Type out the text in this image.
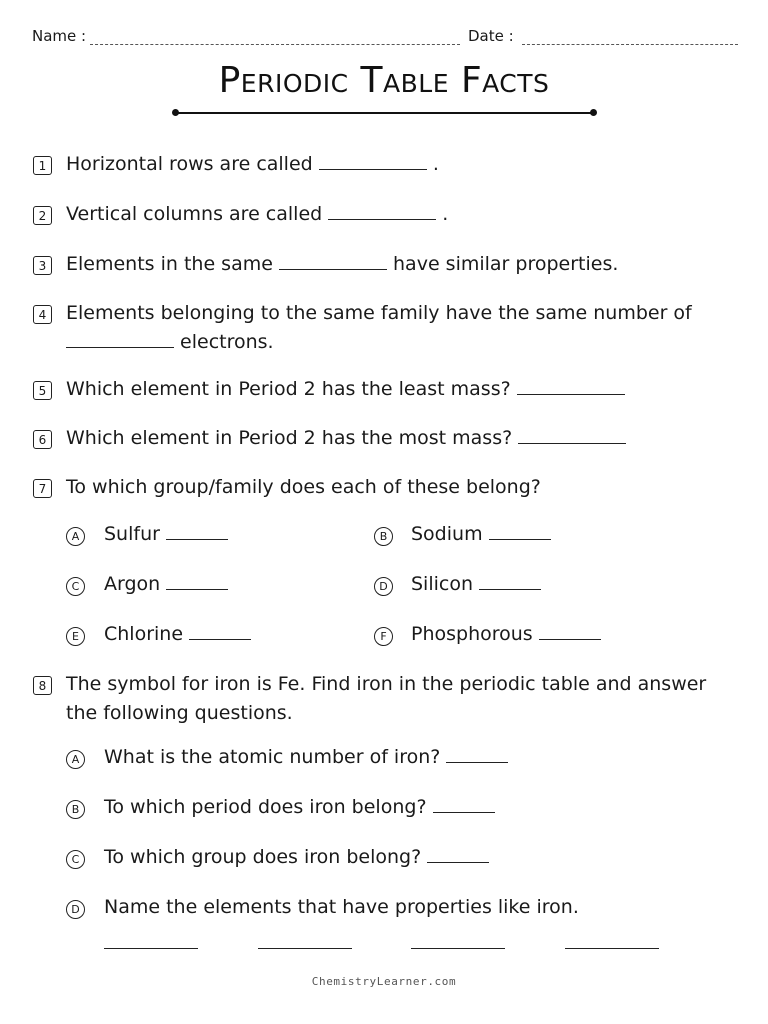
Name :	Date :
Periodic Table Facts
1 Horizontal rows are called	.
2 Vertical columns are called	.
3 Elements in the same	have similar properties.
4 Elements belonging to the same family have the same number of
electrons.
5 Which element in Period 2 has the least mass?
6 Which element in Period 2 has the most mass?
7 To which group/family does each of these belong?
A	Sulfur	B	Sodium
C Argon	D Silicon
E	Chlorine	F	Phosphorous
8 The symbol for iron is Fe. Find iron in the periodic table and answer
the following questions.
A	What is the atomic number of iron?
B	To which period does iron belong?
C To which group does iron belong?
D Name the elements that have properties like iron.
ChemistryLearner.com
